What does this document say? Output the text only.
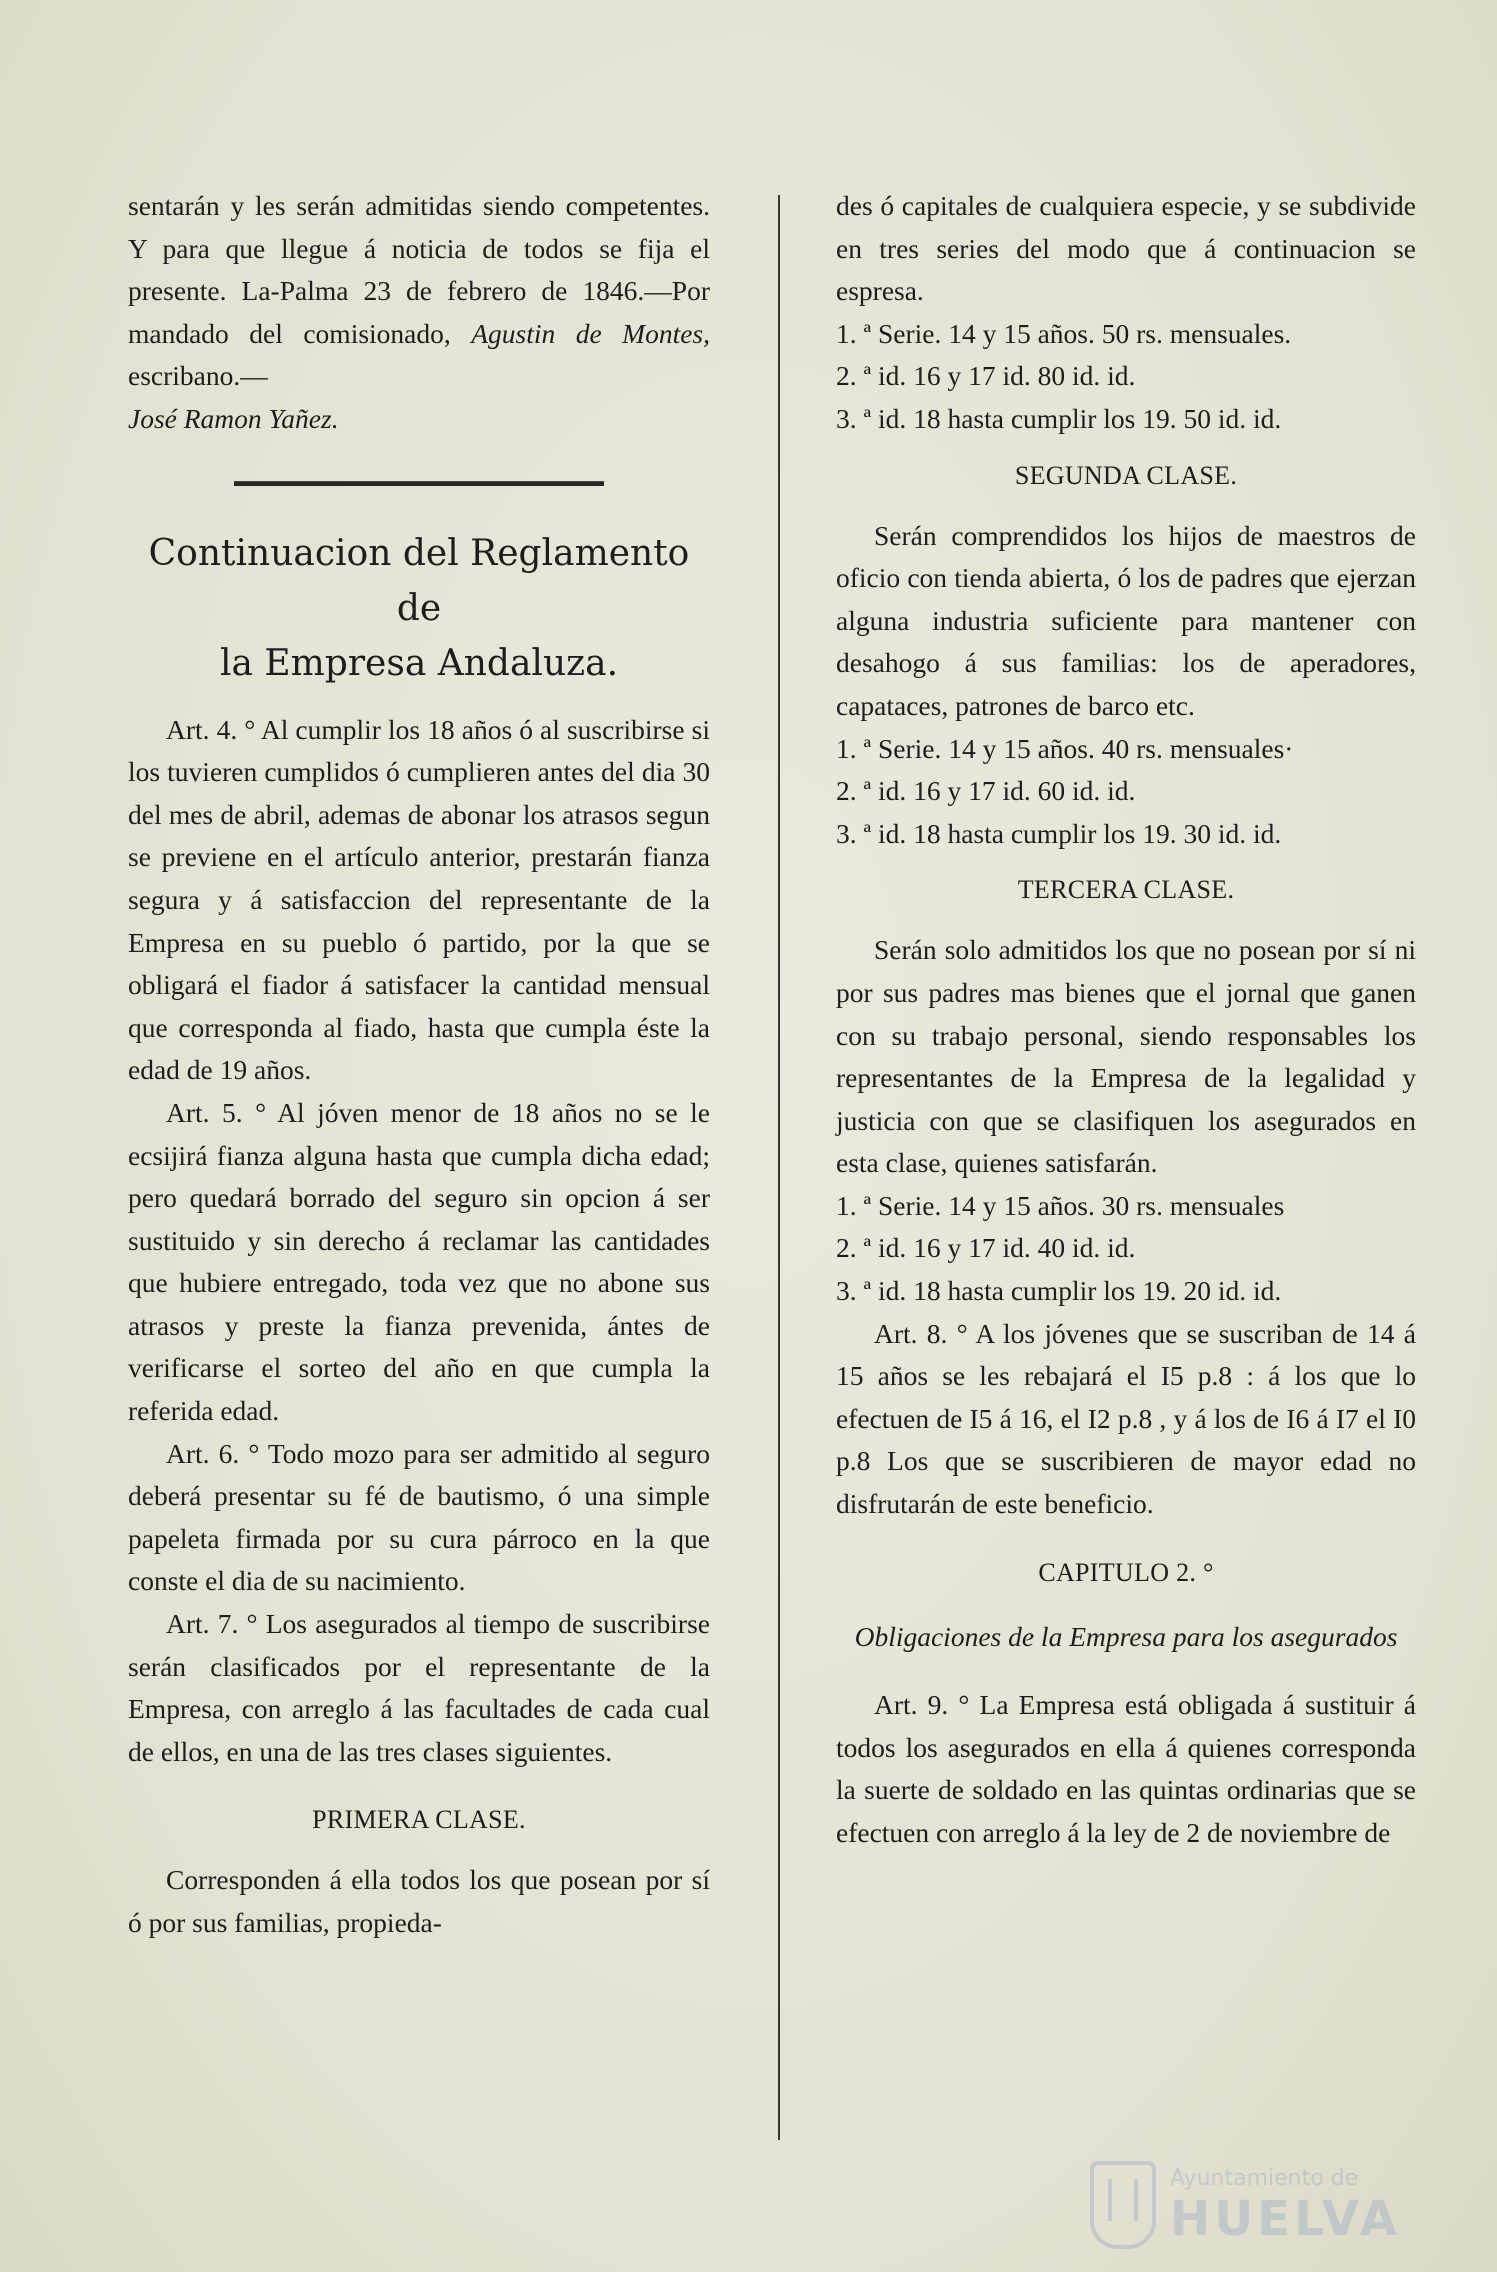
sentarán y les serán admitidas siendo competentes. Y para que llegue á noticia de todos se fija el presente. La-Palma 23 de febrero de 1846.—Por mandado del comisionado, Agustin de Montes, escribano.—

José Ramon Yañez.

Continuacion del Reglamento de
la Empresa Andaluza.

Art. 4. ° Al cumplir los 18 años ó al suscribirse si los tuvieren cumplidos ó cumplieren antes del dia 30 del mes de abril, ademas de abonar los atrasos segun se previene en el artículo anterior, prestarán fianza segura y á satisfaccion del representante de la Empresa en su pueblo ó partido, por la que se obligará el fiador á satisfacer la cantidad mensual que corresponda al fiado, hasta que cumpla éste la edad de 19 años.

Art. 5. ° Al jóven menor de 18 años no se le ecsijirá fianza alguna hasta que cumpla dicha edad; pero quedará borrado del seguro sin opcion á ser sustituido y sin derecho á reclamar las cantidades que hubiere entregado, toda vez que no abone sus atrasos y preste la fianza prevenida, ántes de verificarse el sorteo del año en que cumpla la referida edad.

Art. 6. ° Todo mozo para ser admitido al seguro deberá presentar su fé de bautismo, ó una simple papeleta firmada por su cura párroco en la que conste el dia de su nacimiento.

Art. 7. ° Los asegurados al tiempo de suscribirse serán clasificados por el representante de la Empresa, con arreglo á las facultades de cada cual de ellos, en una de las tres clases siguientes.

PRIMERA CLASE.

Corresponden á ella todos los que posean por sí ó por sus familias, propieda-

des ó capitales de cualquiera especie, y se subdivide en tres series del modo que á continuacion se espresa.

1. ª Serie. 14 y 15 años. 50 rs. mensuales.

2. ª id. 16 y 17 id. 80 id. id.

3. ª id. 18 hasta cumplir los 19. 50 id. id.

SEGUNDA CLASE.

Serán comprendidos los hijos de maestros de oficio con tienda abierta, ó los de padres que ejerzan alguna industria suficiente para mantener con desahogo á sus familias: los de aperadores, capataces, patrones de barco etc.

1. ª Serie. 14 y 15 años. 40 rs. mensuales·

2. ª id. 16 y 17 id. 60 id. id.

3. ª id. 18 hasta cumplir los 19. 30 id. id.

TERCERA CLASE.

Serán solo admitidos los que no posean por sí ni por sus padres mas bienes que el jornal que ganen con su trabajo personal, siendo responsables los representantes de la Empresa de la legalidad y justicia con que se clasifiquen los asegurados en esta clase, quienes satisfarán.

1. ª Serie. 14 y 15 años. 30 rs. mensuales

2. ª id. 16 y 17 id. 40 id. id.

3. ª id. 18 hasta cumplir los 19. 20 id. id.

Art. 8. ° A los jóvenes que se suscriban de 14 á 15 años se les rebajará el I5 p.8 : á los que lo efectuen de I5 á 16, el I2 p.8 , y á los de I6 á I7 el I0 p.8 Los que se suscribieren de mayor edad no disfrutarán de este beneficio.

CAPITULO 2. °
Obligaciones de la Empresa para los asegurados

Art. 9. ° La Empresa está obligada á sustituir á todos los asegurados en ella á quienes corresponda la suerte de soldado en las quintas ordinarias que se efectuen con arreglo á la ley de 2 de noviembre de

Ayuntamiento de
HUELVA
